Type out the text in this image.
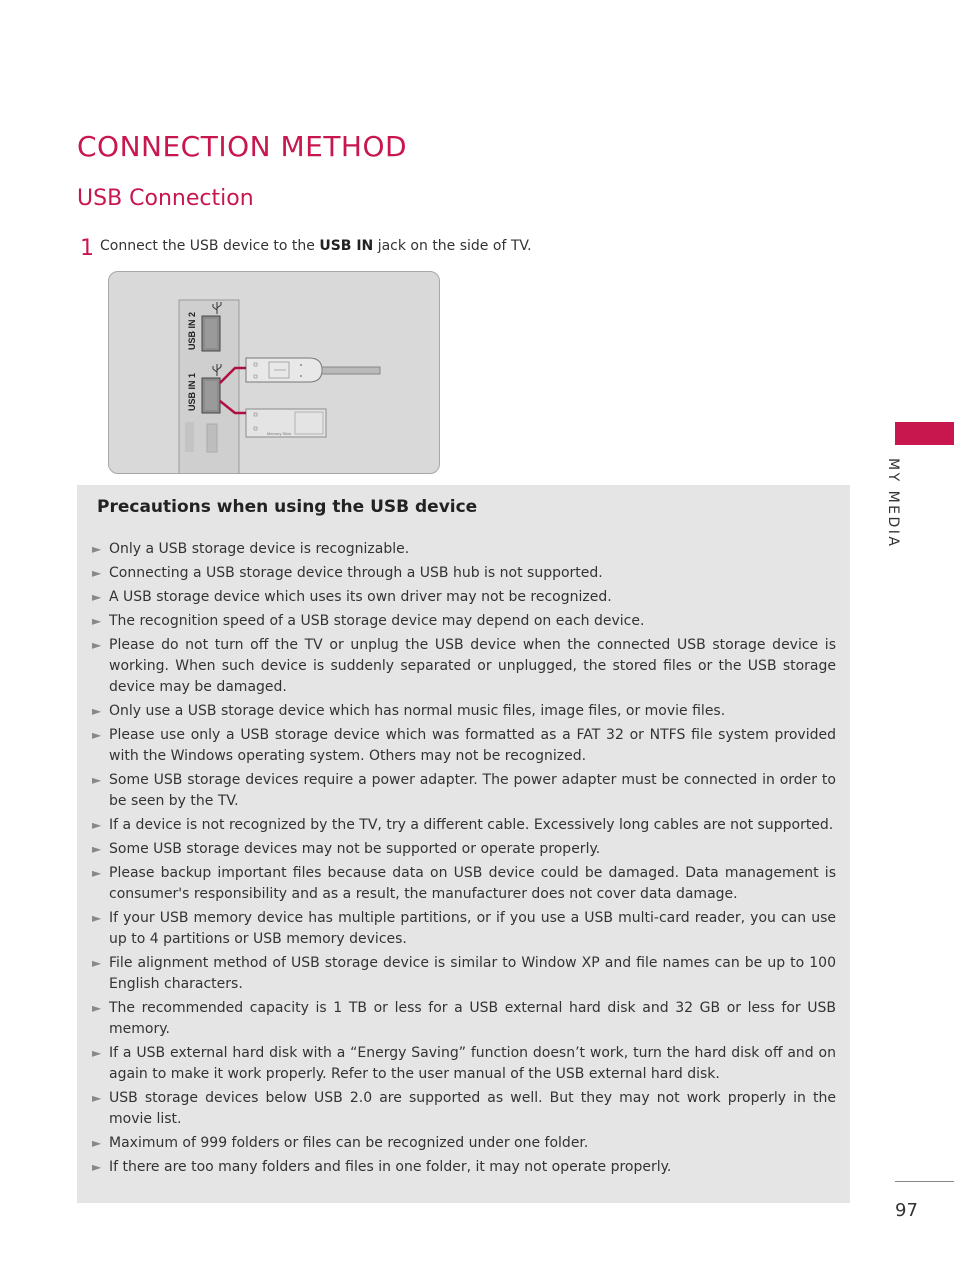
CONNECTION METHOD
USB Connection
1 Connect the USB device to the USB IN jack on the side of TV.
USB IN 2
USB IN 1
Memory Stick
MY MEDIA
Precautions when using the USB device
► Only a USB storage device is recognizable.
► Connecting a USB storage device through a USB hub is not supported.
► A USB storage device which uses its own driver may not be recognized.
► The recognition speed of a USB storage device may depend on each device.
► Please do not turn off the TV or unplug the USB device when the connected USB storage device is working. When such device is suddenly separated or unplugged, the stored files or the USB storage device may be damaged.
► Only use a USB storage device which has normal music files, image files, or movie files.
► Please use only a USB storage device which was formatted as a FAT 32 or NTFS file system provided with the Windows operating system. Others may not be recognized.
► Some USB storage devices require a power adapter. The power adapter must be connected in order to be seen by the TV.
► If a device is not recognized by the TV, try a different cable. Excessively long cables are not supported.
► Some USB storage devices may not be supported or operate properly.
► Please backup important files because data on USB device could be damaged. Data management is consumer's responsibility and as a result, the manufacturer does not cover data damage.
► If your USB memory device has multiple partitions, or if you use a USB multi-card reader, you can use up to 4 partitions or USB memory devices.
► File alignment method of USB storage device is similar to Window XP and file names can be up to 100 English characters.
► The recommended capacity is 1 TB or less for a USB external hard disk and 32 GB or less for USB memory.
► If a USB external hard disk with a “Energy Saving” function doesn’t work, turn the hard disk off and on again to make it work properly. Refer to the user manual of the USB external hard disk.
► USB storage devices below USB 2.0 are supported as well. But they may not work properly in the movie list.
► Maximum of 999 folders or files can be recognized under one folder.
► If there are too many folders and files in one folder, it may not operate properly.
97
